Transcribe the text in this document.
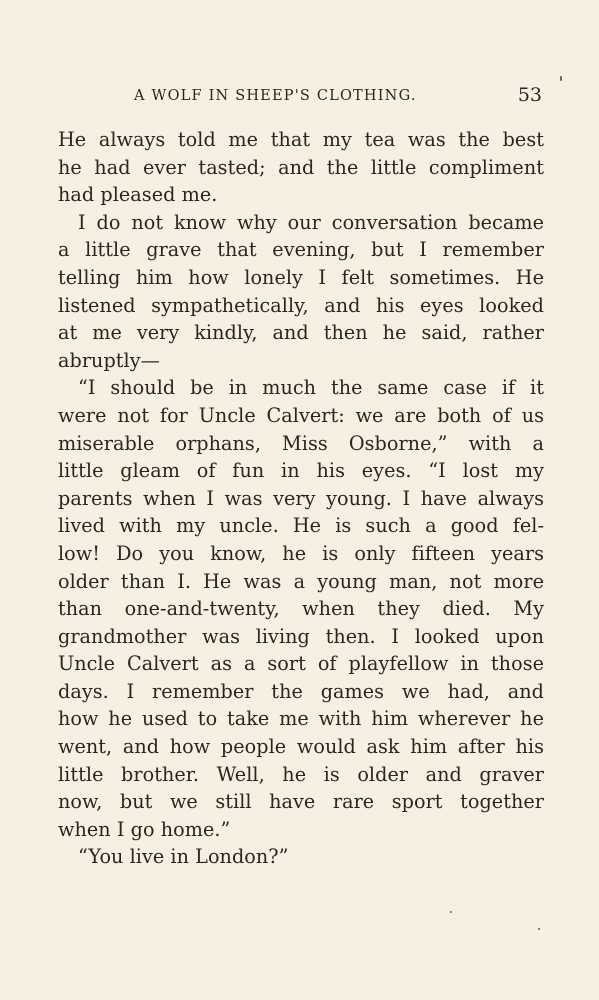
A WOLF IN SHEEP'S CLOTHING.	53
He always told me that my tea was the best
he had ever tasted; and the little compliment
had pleased me.
I do not know why our conversation became
a little grave that evening, but I remember
telling him how lonely I felt sometimes. He
listened sympathetically, and his eyes looked
at me very kindly, and then he said, rather
abruptly—
“I should be in much the same case if it
were not for Uncle Calvert: we are both of us
miserable orphans, Miss Osborne,” with a
little gleam of fun in his eyes. “I lost my
parents when I was very young. I have always
lived with my uncle. He is such a good fel-
low! Do you know, he is only fifteen years
older than I. He was a young man, not more
than one-and-twenty, when they died. My
grandmother was living then. I looked upon
Uncle Calvert as a sort of playfellow in those
days. I remember the games we had, and
how he used to take me with him wherever he
went, and how people would ask him after his
little brother. Well, he is older and graver
now, but we still have rare sport together
when I go home.”
“You live in London?”
